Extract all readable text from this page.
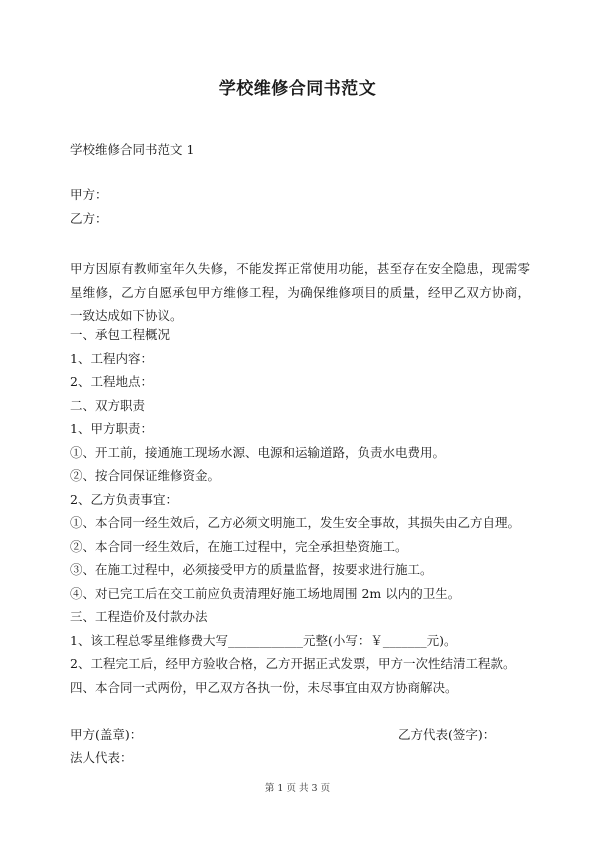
学校维修合同书范文
学校维修合同书范文 1
甲方：
乙方：
甲方因原有教师室年久失修，不能发挥正常使用功能，甚至存在安全隐患，现需零星维修，乙方自愿承包甲方维修工程，为确保维修项目的质量，经甲乙双方协商，一致达成如下协议。
一、承包工程概况
1、工程内容：
2、工程地点：
二、双方职责
1、甲方职责：
①、开工前，接通施工现场水源、电源和运输道路，负责水电费用。
②、按合同保证维修资金。
2、乙方负责事宜：
①、本合同一经生效后，乙方必须文明施工，发生安全事故，其损失由乙方自理。
②、本合同一经生效后，在施工过程中，完全承担垫资施工。
③、在施工过程中，必须接受甲方的质量监督，按要求进行施工。
④、对已完工后在交工前应负责清理好施工场地周围 2m 以内的卫生。
三、工程造价及付款办法
1、该工程总零星维修费大写____________元整(小写：￥_______元)。
2、工程完工后，经甲方验收合格，乙方开据正式发票，甲方一次性结清工程款。
四、本合同一式两份，甲乙双方各执一份，未尽事宜由双方协商解决。
甲方(盖章)：	乙方代表(签字)：
法人代表：
第 1 页 共 3 页
